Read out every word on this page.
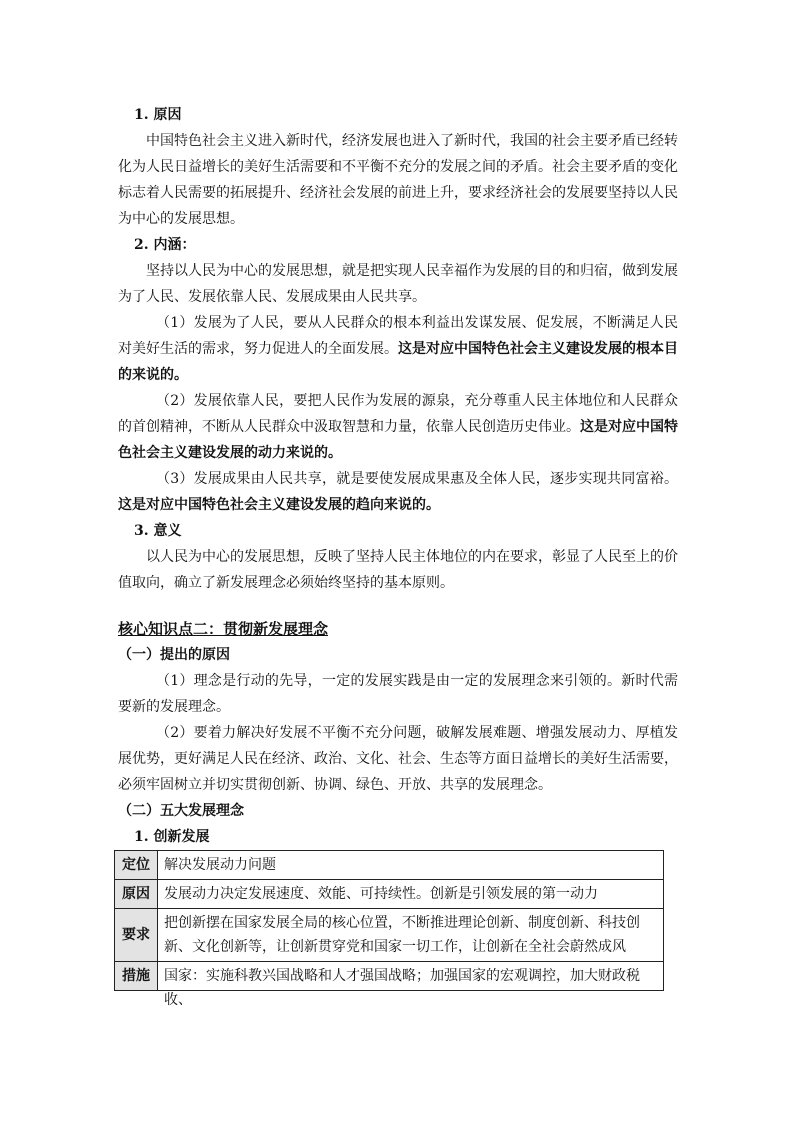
1. 原因

中国特色社会主义进入新时代，经济发展也进入了新时代，我国的社会主要矛盾已经转化为人民日益增长的美好生活需要和不平衡不充分的发展之间的矛盾。社会主要矛盾的变化标志着人民需要的拓展提升、经济社会发展的前进上升，要求经济社会的发展要坚持以人民为中心的发展思想。

2. 内涵：

坚持以人民为中心的发展思想，就是把实现人民幸福作为发展的目的和归宿，做到发展为了人民、发展依靠人民、发展成果由人民共享。

（1）发展为了人民，要从人民群众的根本利益出发谋发展、促发展，不断满足人民对美好生活的需求，努力促进人的全面发展。这是对应中国特色社会主义建设发展的根本目的来说的。

（2）发展依靠人民，要把人民作为发展的源泉，充分尊重人民主体地位和人民群众的首创精神，不断从人民群众中汲取智慧和力量，依靠人民创造历史伟业。这是对应中国特色社会主义建设发展的动力来说的。

（3）发展成果由人民共享，就是要使发展成果惠及全体人民，逐步实现共同富裕。这是对应中国特色社会主义建设发展的趋向来说的。

3. 意义

以人民为中心的发展思想，反映了坚持人民主体地位的内在要求，彰显了人民至上的价值取向，确立了新发展理念必须始终坚持的基本原则。

核心知识点二：贯彻新发展理念

（一）提出的原因

（1）理念是行动的先导，一定的发展实践是由一定的发展理念来引领的。新时代需要新的发展理念。

（2）要着力解决好发展不平衡不充分问题，破解发展难题、增强发展动力、厚植发展优势，更好满足人民在经济、政治、文化、社会、生态等方面日益增长的美好生活需要，必须牢固树立并切实贯彻创新、协调、绿色、开放、共享的发展理念。

（二）五大发展理念

1. 创新发展

定位	解决发展动力问题
原因	发展动力决定发展速度、效能、可持续性。创新是引领发展的第一动力
要求	把创新摆在国家发展全局的核心位置，不断推进理论创新、制度创新、科技创新、文化创新等，让创新贯穿党和国家一切工作，让创新在全社会蔚然成风
措施	国家：实施科教兴国战略和人才强国战略；加强国家的宏观调控，加大财政税收、
